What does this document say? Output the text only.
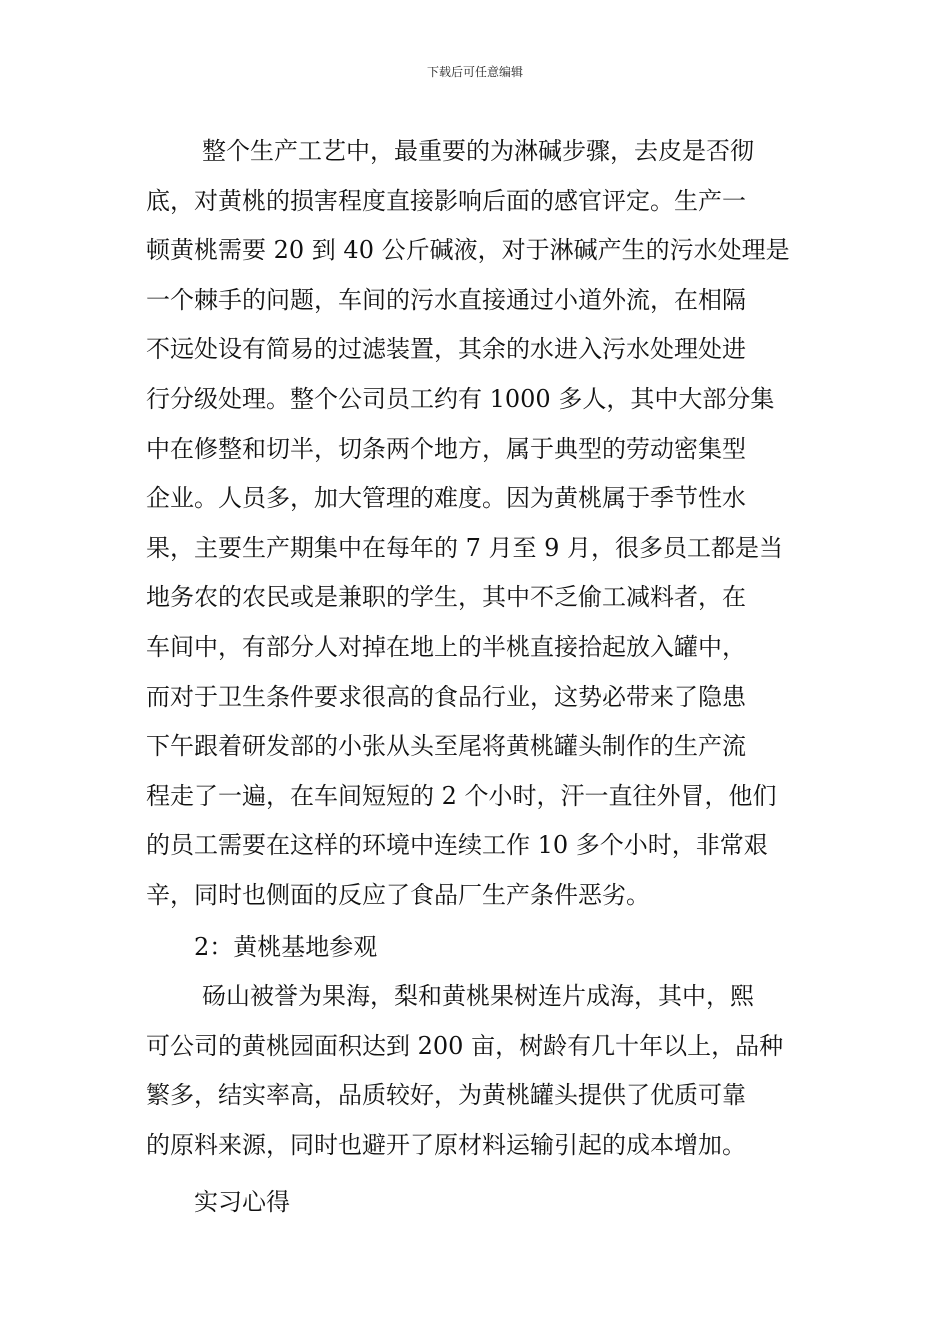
下载后可任意编辑
整个生产工艺中，最重要的为淋碱步骤，去皮是否彻
底，对黄桃的损害程度直接影响后面的感官评定。生产一
顿黄桃需要 20 到 40 公斤碱液，对于淋碱产生的污水处理是
一个棘手的问题，车间的污水直接通过小道外流，在相隔
不远处设有简易的过滤装置，其余的水进入污水处理处进
行分级处理。整个公司员工约有 1000 多人，其中大部分集
中在修整和切半，切条两个地方，属于典型的劳动密集型
企业。人员多，加大管理的难度。因为黄桃属于季节性水
果，主要生产期集中在每年的 7 月至 9 月，很多员工都是当
地务农的农民或是兼职的学生，其中不乏偷工减料者，在
车间中，有部分人对掉在地上的半桃直接拾起放入罐中，
而对于卫生条件要求很高的食品行业，这势必带来了隐患
下午跟着研发部的小张从头至尾将黄桃罐头制作的生产流
程走了一遍，在车间短短的 2 个小时，汗一直往外冒，他们
的员工需要在这样的环境中连续工作 10 多个小时，非常艰
辛，同时也侧面的反应了食品厂生产条件恶劣。
2：黄桃基地参观
砀山被誉为果海，梨和黄桃果树连片成海，其中，熙
可公司的黄桃园面积达到 200 亩，树龄有几十年以上，品种
繁多，结实率高，品质较好，为黄桃罐头提供了优质可靠
的原料来源，同时也避开了原材料运输引起的成本增加。
实习心得
